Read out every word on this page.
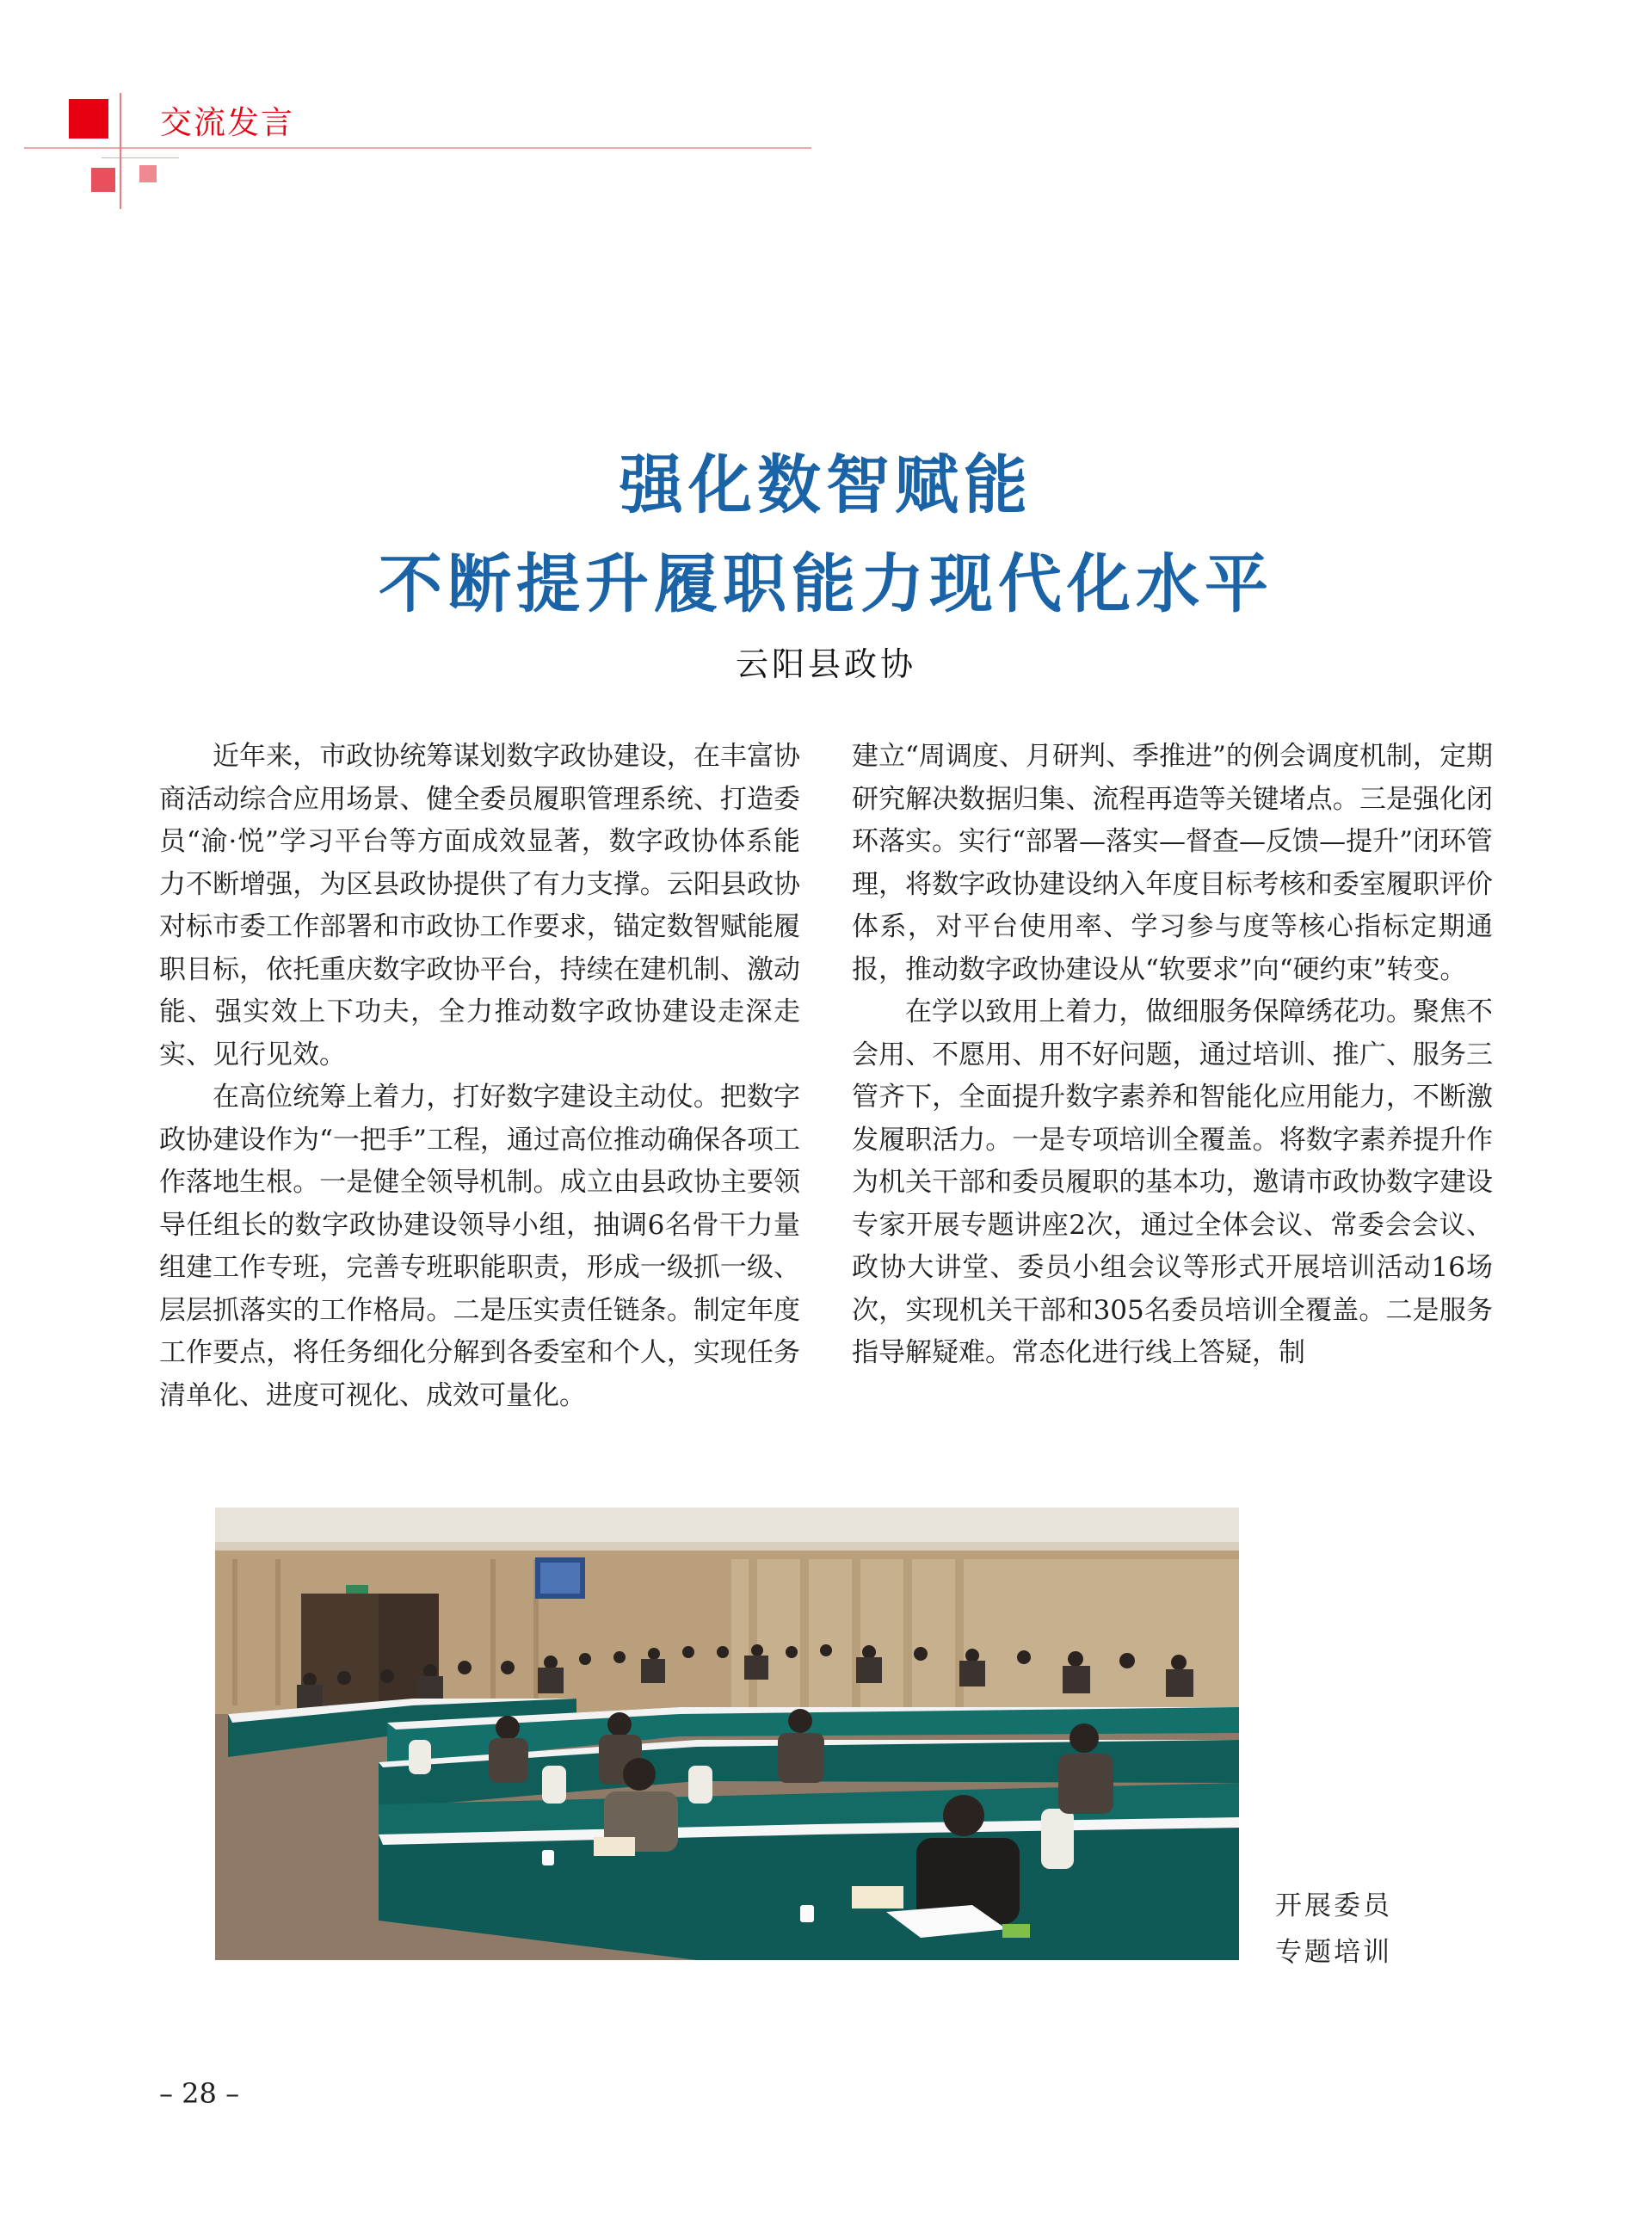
交流发言
强化数智赋能
不断提升履职能力现代化水平
云阳县政协

近年来，市政协统筹谋划数字政协建设，在丰富协商活动综合应用场景、健全委员履职管理系统、打造委员“渝·悦”学习平台等方面成效显著，数字政协体系能力不断增强，为区县政协提供了有力支撑。云阳县政协对标市委工作部署和市政协工作要求，锚定数智赋能履职目标，依托重庆数字政协平台，持续在建机制、激动能、强实效上下功夫，全力推动数字政协建设走深走实、见行见效。

在高位统筹上着力，打好数字建设主动仗。把数字政协建设作为“一把手”工程，通过高位推动确保各项工作落地生根。一是健全领导机制。成立由县政协主要领导任组长的数字政协建设领导小组，抽调6名骨干力量组建工作专班，完善专班职能职责，形成一级抓一级、层层抓落实的工作格局。二是压实责任链条。制定年度工作要点，将任务细化分解到各委室和个人，实现任务清单化、进度可视化、成效可量化。

建立“周调度、月研判、季推进”的例会调度机制，定期研究解决数据归集、流程再造等关键堵点。三是强化闭环落实。实行“部署—落实—督查—反馈—提升”闭环管理，将数字政协建设纳入年度目标考核和委室履职评价体系，对平台使用率、学习参与度等核心指标定期通报，推动数字政协建设从“软要求”向“硬约束”转变。

在学以致用上着力，做细服务保障绣花功。聚焦不会用、不愿用、用不好问题，通过培训、推广、服务三管齐下，全面提升数字素养和智能化应用能力，不断激发履职活力。一是专项培训全覆盖。将数字素养提升作为机关干部和委员履职的基本功，邀请市政协数字建设专家开展专题讲座2次，通过全体会议、常委会会议、政协大讲堂、委员小组会议等形式开展培训活动16场次，实现机关干部和305名委员培训全覆盖。二是服务指导解疑难。常态化进行线上答疑，制

开展委员
专题培训
– 28 –
